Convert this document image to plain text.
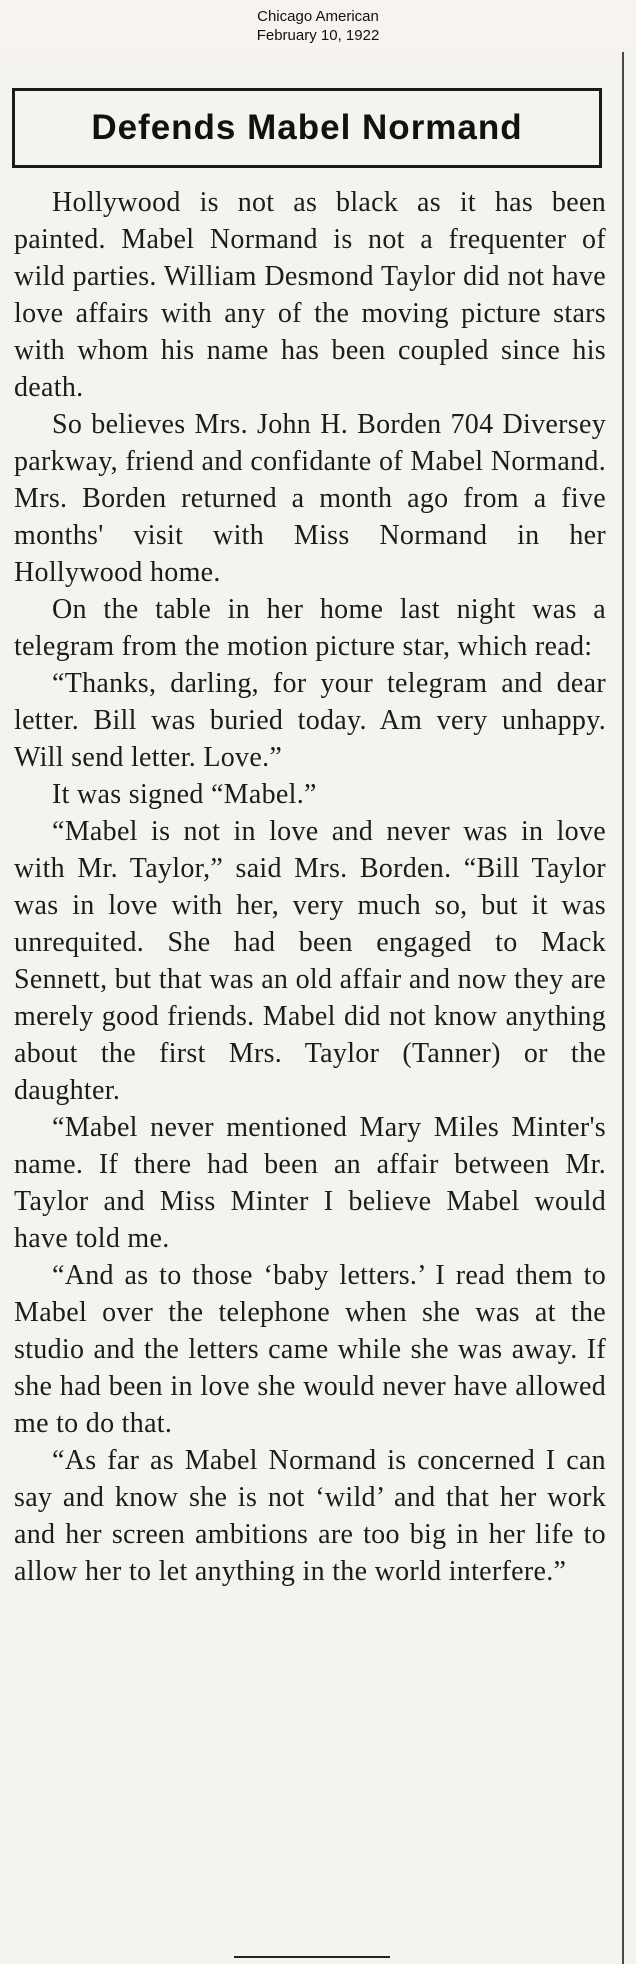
Chicago American
February 10, 1922
Defends Mabel Normand

Hollywood is not as black as it has been painted. Mabel Normand is not a frequenter of wild parties. William Desmond Taylor did not have love affairs with any of the moving picture stars with whom his name has been coupled since his death.

So believes Mrs. John H. Borden 704 Diversey parkway, friend and confidante of Mabel Normand. Mrs. Borden returned a month ago from a five months' visit with Miss Normand in her Hollywood home.

On the table in her home last night was a telegram from the motion picture star, which read:

“Thanks, darling, for your telegram and dear letter. Bill was buried today. Am very unhappy. Will send letter. Love.”

It was signed “Mabel.”

“Mabel is not in love and never was in love with Mr. Taylor,” said Mrs. Borden. “Bill Taylor was in love with her, very much so, but it was unrequited. She had been engaged to Mack Sennett, but that was an old affair and now they are merely good friends. Mabel did not know anything about the first Mrs. Taylor (Tanner) or the daughter.

“Mabel never mentioned Mary Miles Minter's name. If there had been an affair between Mr. Taylor and Miss Minter I believe Mabel would have told me.

“And as to those ‘baby letters.’ I read them to Mabel over the telephone when she was at the studio and the letters came while she was away. If she had been in love she would never have allowed me to do that.

“As far as Mabel Normand is concerned I can say and know she is not ‘wild’ and that her work and her screen ambitions are too big in her life to allow her to let anything in the world interfere.”
